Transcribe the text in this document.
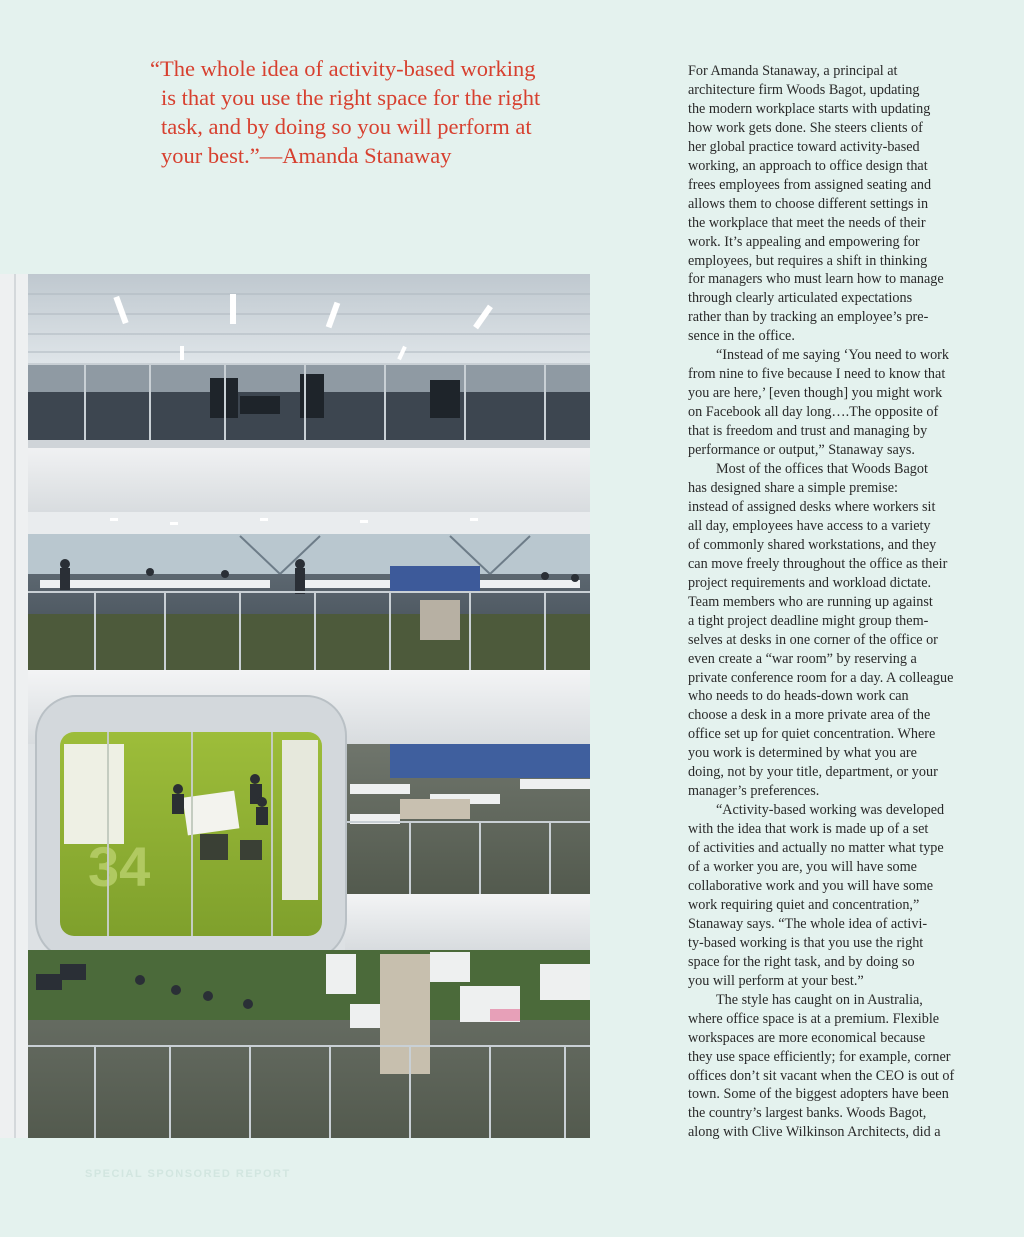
“The whole idea of activity-based working
is that you use the right space for the right
task, and by doing so you will perform at
your best.”—Amanda Stanaway
For Amanda Stanaway, a principal at
architecture firm Woods Bagot, updating
the modern workplace starts with updating
how work gets done. She steers clients of
her global practice toward activity-based
working, an approach to office design that
frees employees from assigned seating and
allows them to choose different settings in
the workplace that meet the needs of their
work. It’s appealing and empowering for
employees, but requires a shift in thinking
for managers who must learn how to manage
through clearly articulated expectations
rather than by tracking an employee’s pre-
sence in the office.
“Instead of me saying ‘You need to work
from nine to five because I need to know that
you are here,’ [even though] you might work
on Facebook all day long….The opposite of
that is freedom and trust and managing by
performance or output,” Stanaway says.
Most of the offices that Woods Bagot
has designed share a simple premise:
instead of assigned desks where workers sit
all day, employees have access to a variety
of commonly shared workstations, and they
can move freely throughout the office as their
project requirements and workload dictate.
Team members who are running up against
a tight project deadline might group them-
selves at desks in one corner of the office or
even create a “war room” by reserving a
private conference room for a day. A colleague
who needs to do heads-down work can
choose a desk in a more private area of the
office set up for quiet concentration. Where
you work is determined by what you are
doing, not by your title, department, or your
manager’s preferences.
“Activity-based working was developed
with the idea that work is made up of a set
of activities and actually no matter what type
of a worker you are, you will have some
collaborative work and you will have some
work requiring quiet and concentration,”
Stanaway says. “The whole idea of activi-
ty-based working is that you use the right
space for the right task, and by doing so
you will perform at your best.”
The style has caught on in Australia,
where office space is at a premium. Flexible
workspaces are more economical because
they use space efficiently; for example, corner
offices don’t sit vacant when the CEO is out of
town. Some of the biggest adopters have been
the country’s largest banks. Woods Bagot,
along with Clive Wilkinson Architects, did a
34
SPECIAL SPONSORED REPORT
